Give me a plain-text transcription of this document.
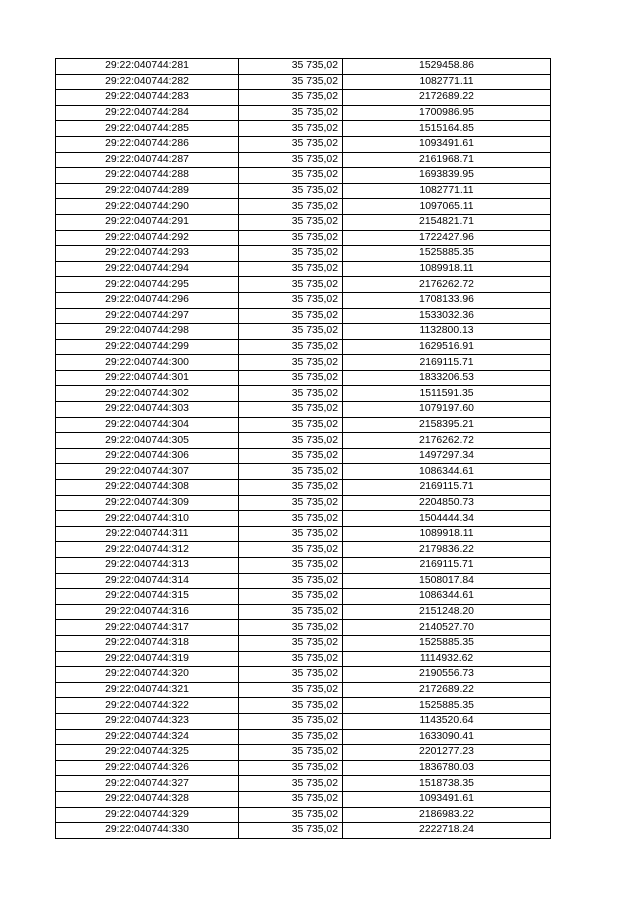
29:22:040744:281	35 735,02	1529458.86
29:22:040744:282	35 735,02	1082771.11
29:22:040744:283	35 735,02	2172689.22
29:22:040744:284	35 735,02	1700986.95
29:22:040744:285	35 735,02	1515164.85
29:22:040744:286	35 735,02	1093491.61
29:22:040744:287	35 735,02	2161968.71
29:22:040744:288	35 735,02	1693839.95
29:22:040744:289	35 735,02	1082771.11
29:22:040744:290	35 735,02	1097065.11
29:22:040744:291	35 735,02	2154821.71
29:22:040744:292	35 735,02	1722427.96
29:22:040744:293	35 735,02	1525885.35
29:22:040744:294	35 735,02	1089918.11
29:22:040744:295	35 735,02	2176262.72
29:22:040744:296	35 735,02	1708133.96
29:22:040744:297	35 735,02	1533032.36
29:22:040744:298	35 735,02	1132800.13
29:22:040744:299	35 735,02	1629516.91
29:22:040744:300	35 735,02	2169115.71
29:22:040744:301	35 735,02	1833206.53
29:22:040744:302	35 735,02	1511591.35
29:22:040744:303	35 735,02	1079197.60
29:22:040744:304	35 735,02	2158395.21
29:22:040744:305	35 735,02	2176262.72
29:22:040744:306	35 735,02	1497297.34
29:22:040744:307	35 735,02	1086344.61
29:22:040744:308	35 735,02	2169115.71
29:22:040744:309	35 735,02	2204850.73
29:22:040744:310	35 735,02	1504444.34
29:22:040744:311	35 735,02	1089918.11
29:22:040744:312	35 735,02	2179836.22
29:22:040744:313	35 735,02	2169115.71
29:22:040744:314	35 735,02	1508017.84
29:22:040744:315	35 735,02	1086344.61
29:22:040744:316	35 735,02	2151248.20
29:22:040744:317	35 735,02	2140527.70
29:22:040744:318	35 735,02	1525885.35
29:22:040744:319	35 735,02	1114932.62
29:22:040744:320	35 735,02	2190556.73
29:22:040744:321	35 735,02	2172689.22
29:22:040744:322	35 735,02	1525885.35
29:22:040744:323	35 735,02	1143520.64
29:22:040744:324	35 735,02	1633090.41
29:22:040744:325	35 735,02	2201277.23
29:22:040744:326	35 735,02	1836780.03
29:22:040744:327	35 735,02	1518738.35
29:22:040744:328	35 735,02	1093491.61
29:22:040744:329	35 735,02	2186983.22
29:22:040744:330	35 735,02	2222718.24
